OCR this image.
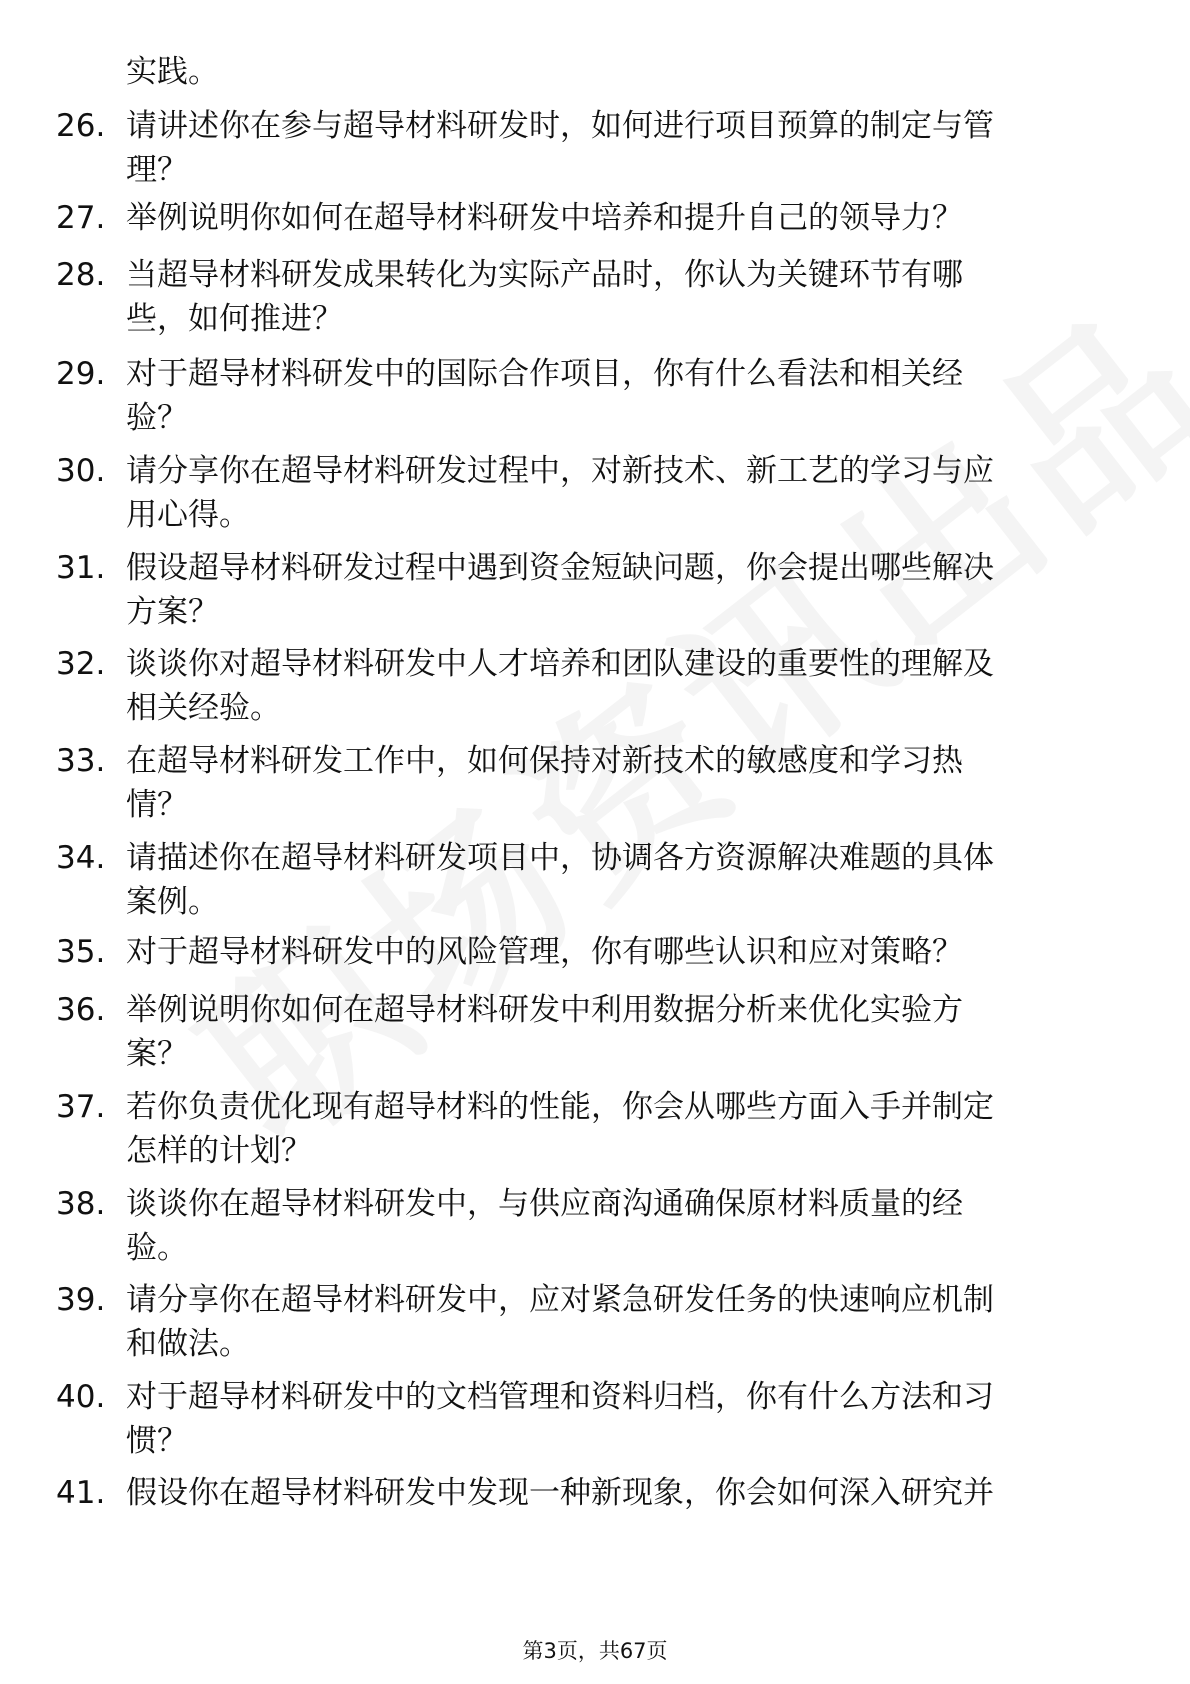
实践。
26. 请讲述你在参与超导材料研发时，如何进行项目预算的制定与管
理？
27. 举例说明你如何在超导材料研发中培养和提升自己的领导力？
28. 当超导材料研发成果转化为实际产品时，你认为关键环节有哪
些，如何推进？
29. 对于超导材料研发中的国际合作项目，你有什么看法和相关经
验？
30. 请分享你在超导材料研发过程中，对新技术、新工艺的学习与应
用心得。
31. 假设超导材料研发过程中遇到资金短缺问题，你会提出哪些解决
方案？
32. 谈谈你对超导材料研发中人才培养和团队建设的重要性的理解及
相关经验。
33. 在超导材料研发工作中，如何保持对新技术的敏感度和学习热
情？
34. 请描述你在超导材料研发项目中，协调各方资源解决难题的具体
案例。
35. 对于超导材料研发中的风险管理，你有哪些认识和应对策略？
36. 举例说明你如何在超导材料研发中利用数据分析来优化实验方
案？
37. 若你负责优化现有超导材料的性能，你会从哪些方面入手并制定
怎样的计划？
38. 谈谈你在超导材料研发中，与供应商沟通确保原材料质量的经
验。
39. 请分享你在超导材料研发中，应对紧急研发任务的快速响应机制
和做法。
40. 对于超导材料研发中的文档管理和资料归档，你有什么方法和习
惯？
41. 假设你在超导材料研发中发现一种新现象，你会如何深入研究并
第3页，共67页
